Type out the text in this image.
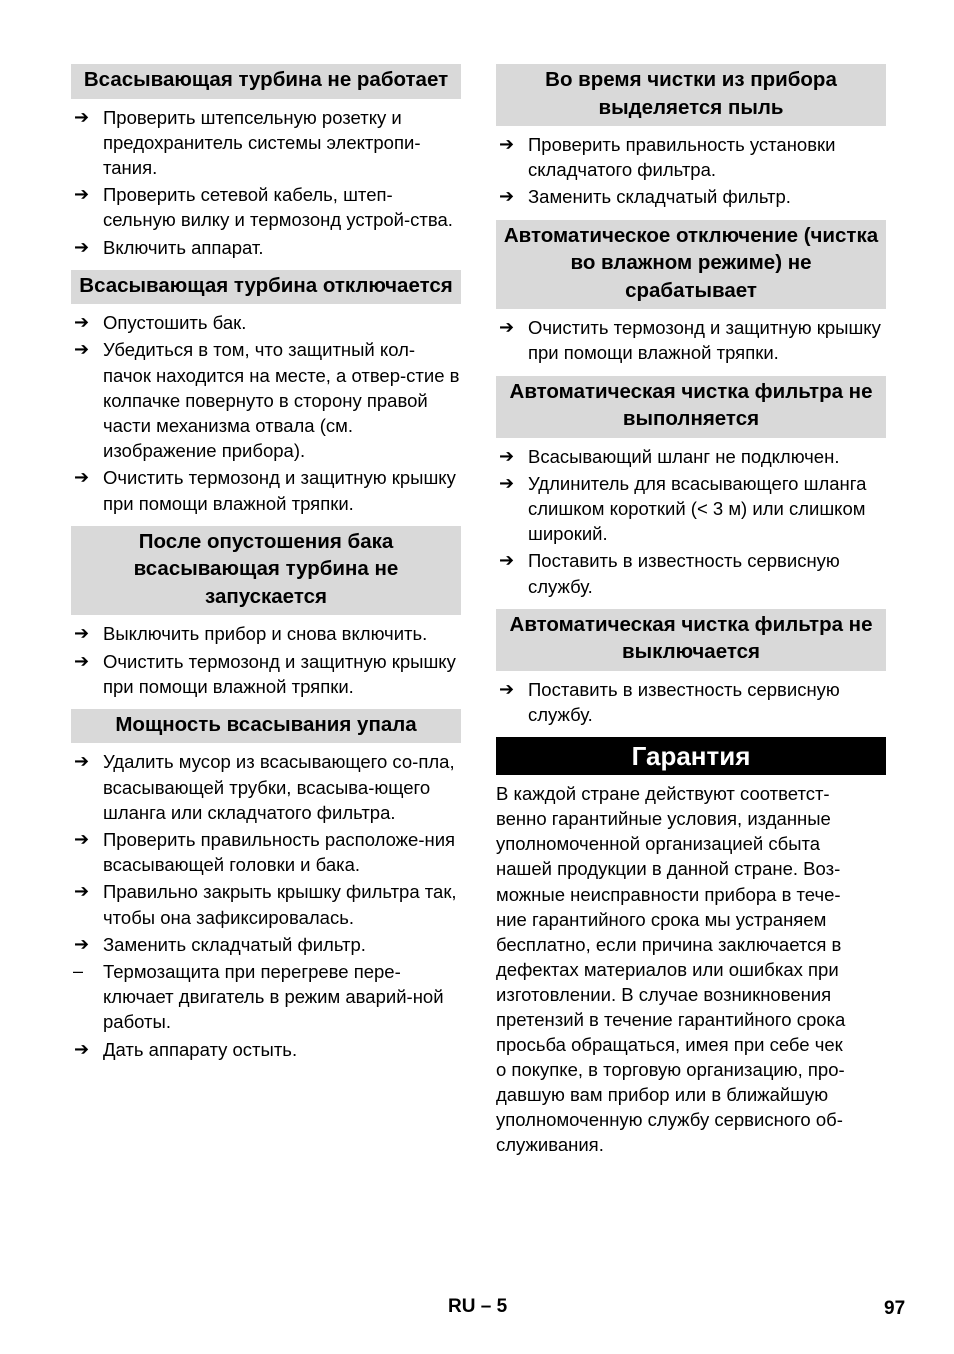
Всасывающая турбина не работает
➔ Проверить штепсельную розетку и предохранитель системы электропи-тания.
➔ Проверить сетевой кабель, штеп-сельную вилку и термозонд устрой-ства.
➔ Включить аппарат.
Всасывающая турбина отключается
➔ Опустошить бак.
➔ Убедиться в том, что защитный кол-пачок находится на месте, а отвер-стие в колпачке повернуто в сторону правой части механизма отвала (см. изображение прибора).
➔ Очистить термозонд и защитную крышку при помощи влажной тряпки.
После опустошения бака всасывающая турбина не запускается
➔ Выключить прибор и снова включить.
➔ Очистить термозонд и защитную крышку при помощи влажной тряпки.
Мощность всасывания упала
➔ Удалить мусор из всасывающего со-пла, всасывающей трубки, всасыва-ющего шланга или складчатого фильтра.
➔ Проверить правильность расположе-ния всасывающей головки и бака.
➔ Правильно закрыть крышку фильтра так, чтобы она зафиксировалась.
➔ Заменить складчатый фильтр.
– Термозащита при перегреве пере-ключает двигатель в режим аварий-ной работы.
➔ Дать аппарату остыть.
Во время чистки из прибора выделяется пыль
➔ Проверить правильность установки складчатого фильтра.
➔ Заменить складчатый фильтр.
Автоматическое отключение (чистка во влажном режиме) не срабатывает
➔ Очистить термозонд и защитную крышку при помощи влажной тряпки.
Автоматическая чистка фильтра не выполняется
➔ Всасывающий шланг не подключен.
➔ Удлинитель для всасывающего шланга слишком короткий (< 3 м) или слишком широкий.
➔ Поставить в известность сервисную службу.
Автоматическая чистка фильтра не выключается
➔ Поставить в известность сервисную службу.
Гарантия
В каждой стране действуют соответст-
венно гарантийные условия, изданные
уполномоченной организацией сбыта
нашей продукции в данной стране. Воз-
можные неисправности прибора в тече-
ние гарантийного срока мы устраняем
бесплатно, если причина заключается в
дефектах материалов или ошибках при
изготовлении. В случае возникновения
претензий в течение гарантийного срока
просьба обращаться, имея при себе чек
о покупке, в торговую организацию, про-
давшую вам прибор или в ближайшую
уполномоченную службу сервисного об-
служивания.
RU – 5	97
